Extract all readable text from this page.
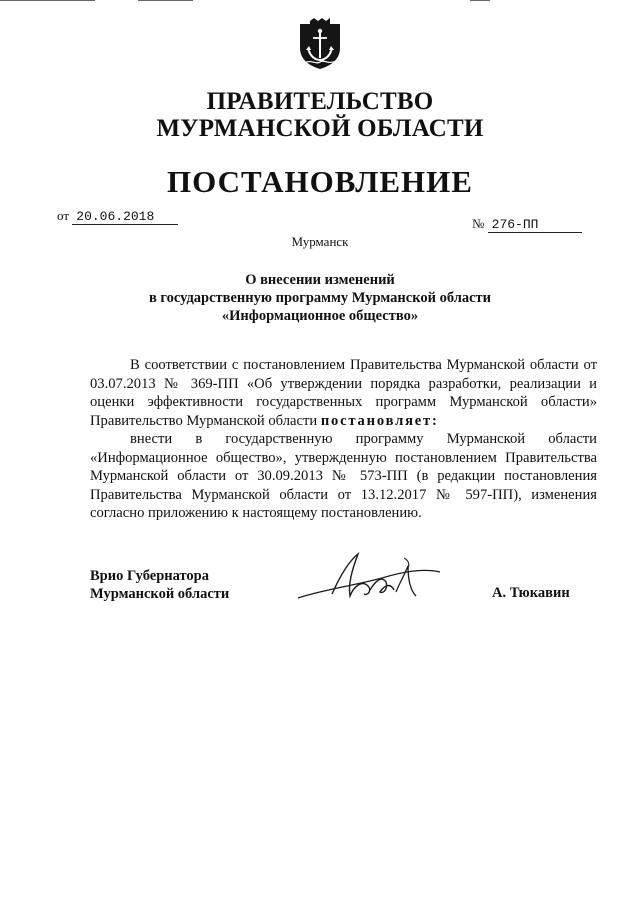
ПРАВИТЕЛЬСТВО
МУРМАНСКОЙ ОБЛАСТИ
ПОСТАНОВЛЕНИЕ
от 20.06.2018	№ 276-ПП
Мурманск
О внесении изменений
в государственную программу Мурманской области
«Информационное общество»

В соответствии с постановлением Правительства Мурманской области от 03.07.2013 № 369-ПП «Об утверждении порядка разработки, реализации и оценки эффективности государственных программ Мурманской области» Правительство Мурманской области постановляет:

внести в государственную программу Мурманской области «Информационное общество», утвержденную постановлением Правительства Мурманской области от 30.09.2013 № 573-ПП (в редакции постановления Правительства Мурманской области от 13.12.2017 № 597-ПП), изменения согласно приложению к настоящему постановлению.

Врио Губернатора
Мурманской области	А. Тюкавин
